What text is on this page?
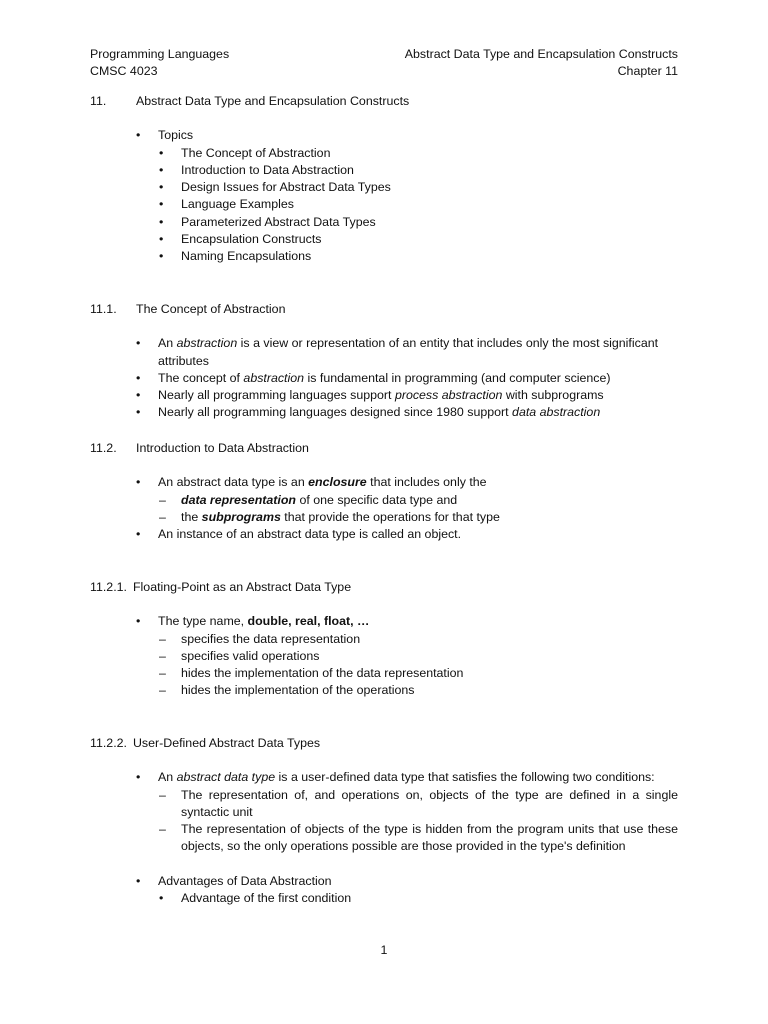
Programming Languages	Abstract Data Type and Encapsulation Constructs
CMSC 4023	Chapter 11
11.	Abstract Data Type and Encapsulation Constructs
• Topics
• The Concept of Abstraction
• Introduction to Data Abstraction
• Design Issues for Abstract Data Types
• Language Examples
• Parameterized Abstract Data Types
• Encapsulation Constructs
• Naming Encapsulations
11.1.	The Concept of Abstraction
• An abstraction is a view or representation of an entity that includes only the most significant attributes
• The concept of abstraction is fundamental in programming (and computer science)
• Nearly all programming languages support process abstraction with subprograms
• Nearly all programming languages designed since 1980 support data abstraction
11.2.	Introduction to Data Abstraction
• An abstract data type is an enclosure that includes only the
– data representation of one specific data type and
– the subprograms that provide the operations for that type
• An instance of an abstract data type is called an object.
11.2.1. Floating-Point as an Abstract Data Type
• The type name, double, real, float, …
– specifies the data representation
– specifies valid operations
– hides the implementation of the data representation
– hides the implementation of the operations
11.2.2. User-Defined Abstract Data Types
• An abstract data type is a user-defined data type that satisfies the following two conditions:
– The representation of, and operations on, objects of the type are defined in a single syntactic unit
– The representation of objects of the type is hidden from the program units that use these objects, so the only operations possible are those provided in the type's definition
• Advantages of Data Abstraction
• Advantage of the first condition
1
